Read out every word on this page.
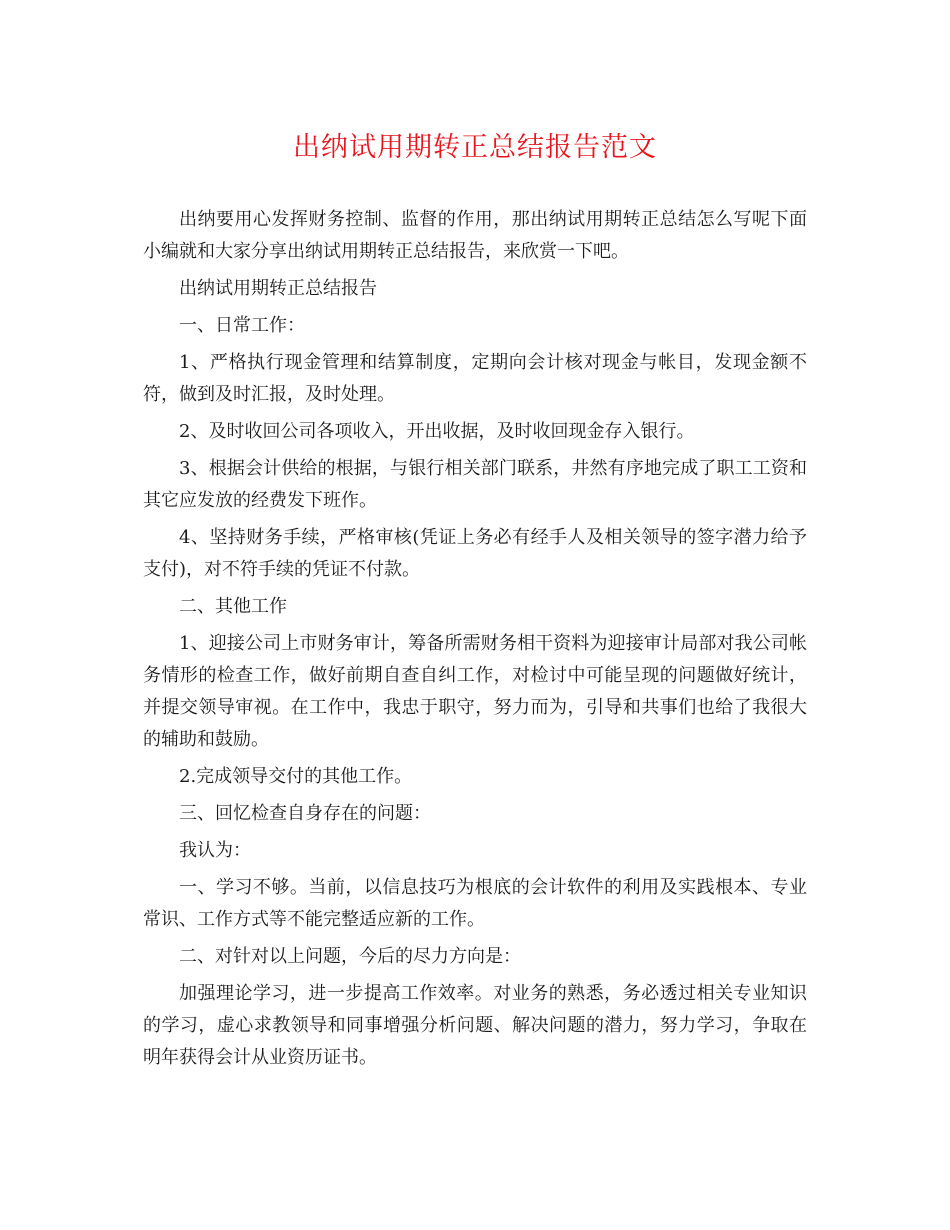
出纳试用期转正总结报告范文

出纳要用心发挥财务控制、监督的作用，那出纳试用期转正总结怎么写呢下面小编就和大家分享出纳试用期转正总结报告，来欣赏一下吧。

出纳试用期转正总结报告

一、日常工作：

1、严格执行现金管理和结算制度，定期向会计核对现金与帐目，发现金额不符，做到及时汇报，及时处理。

2、及时收回公司各项收入，开出收据，及时收回现金存入银行。

3、根据会计供给的根据，与银行相关部门联系，井然有序地完成了职工工资和其它应发放的经费发下班作。

4、坚持财务手续，严格审核(凭证上务必有经手人及相关领导的签字潜力给予支付)，对不符手续的凭证不付款。

二、其他工作

1、迎接公司上市财务审计，筹备所需财务相干资料为迎接审计局部对我公司帐务情形的检查工作，做好前期自查自纠工作，对检讨中可能呈现的问题做好统计，并提交领导审视。在工作中，我忠于职守，努力而为，引导和共事们也给了我很大的辅助和鼓励。

2.完成领导交付的其他工作。

三、回忆检查自身存在的问题：

我认为：

一、学习不够。当前，以信息技巧为根底的会计软件的利用及实践根本、专业常识、工作方式等不能完整适应新的工作。

二、对针对以上问题，今后的尽力方向是：

加强理论学习，进一步提高工作效率。对业务的熟悉，务必透过相关专业知识的学习，虚心求教领导和同事增强分析问题、解决问题的潜力，努力学习，争取在明年获得会计从业资历证书。
